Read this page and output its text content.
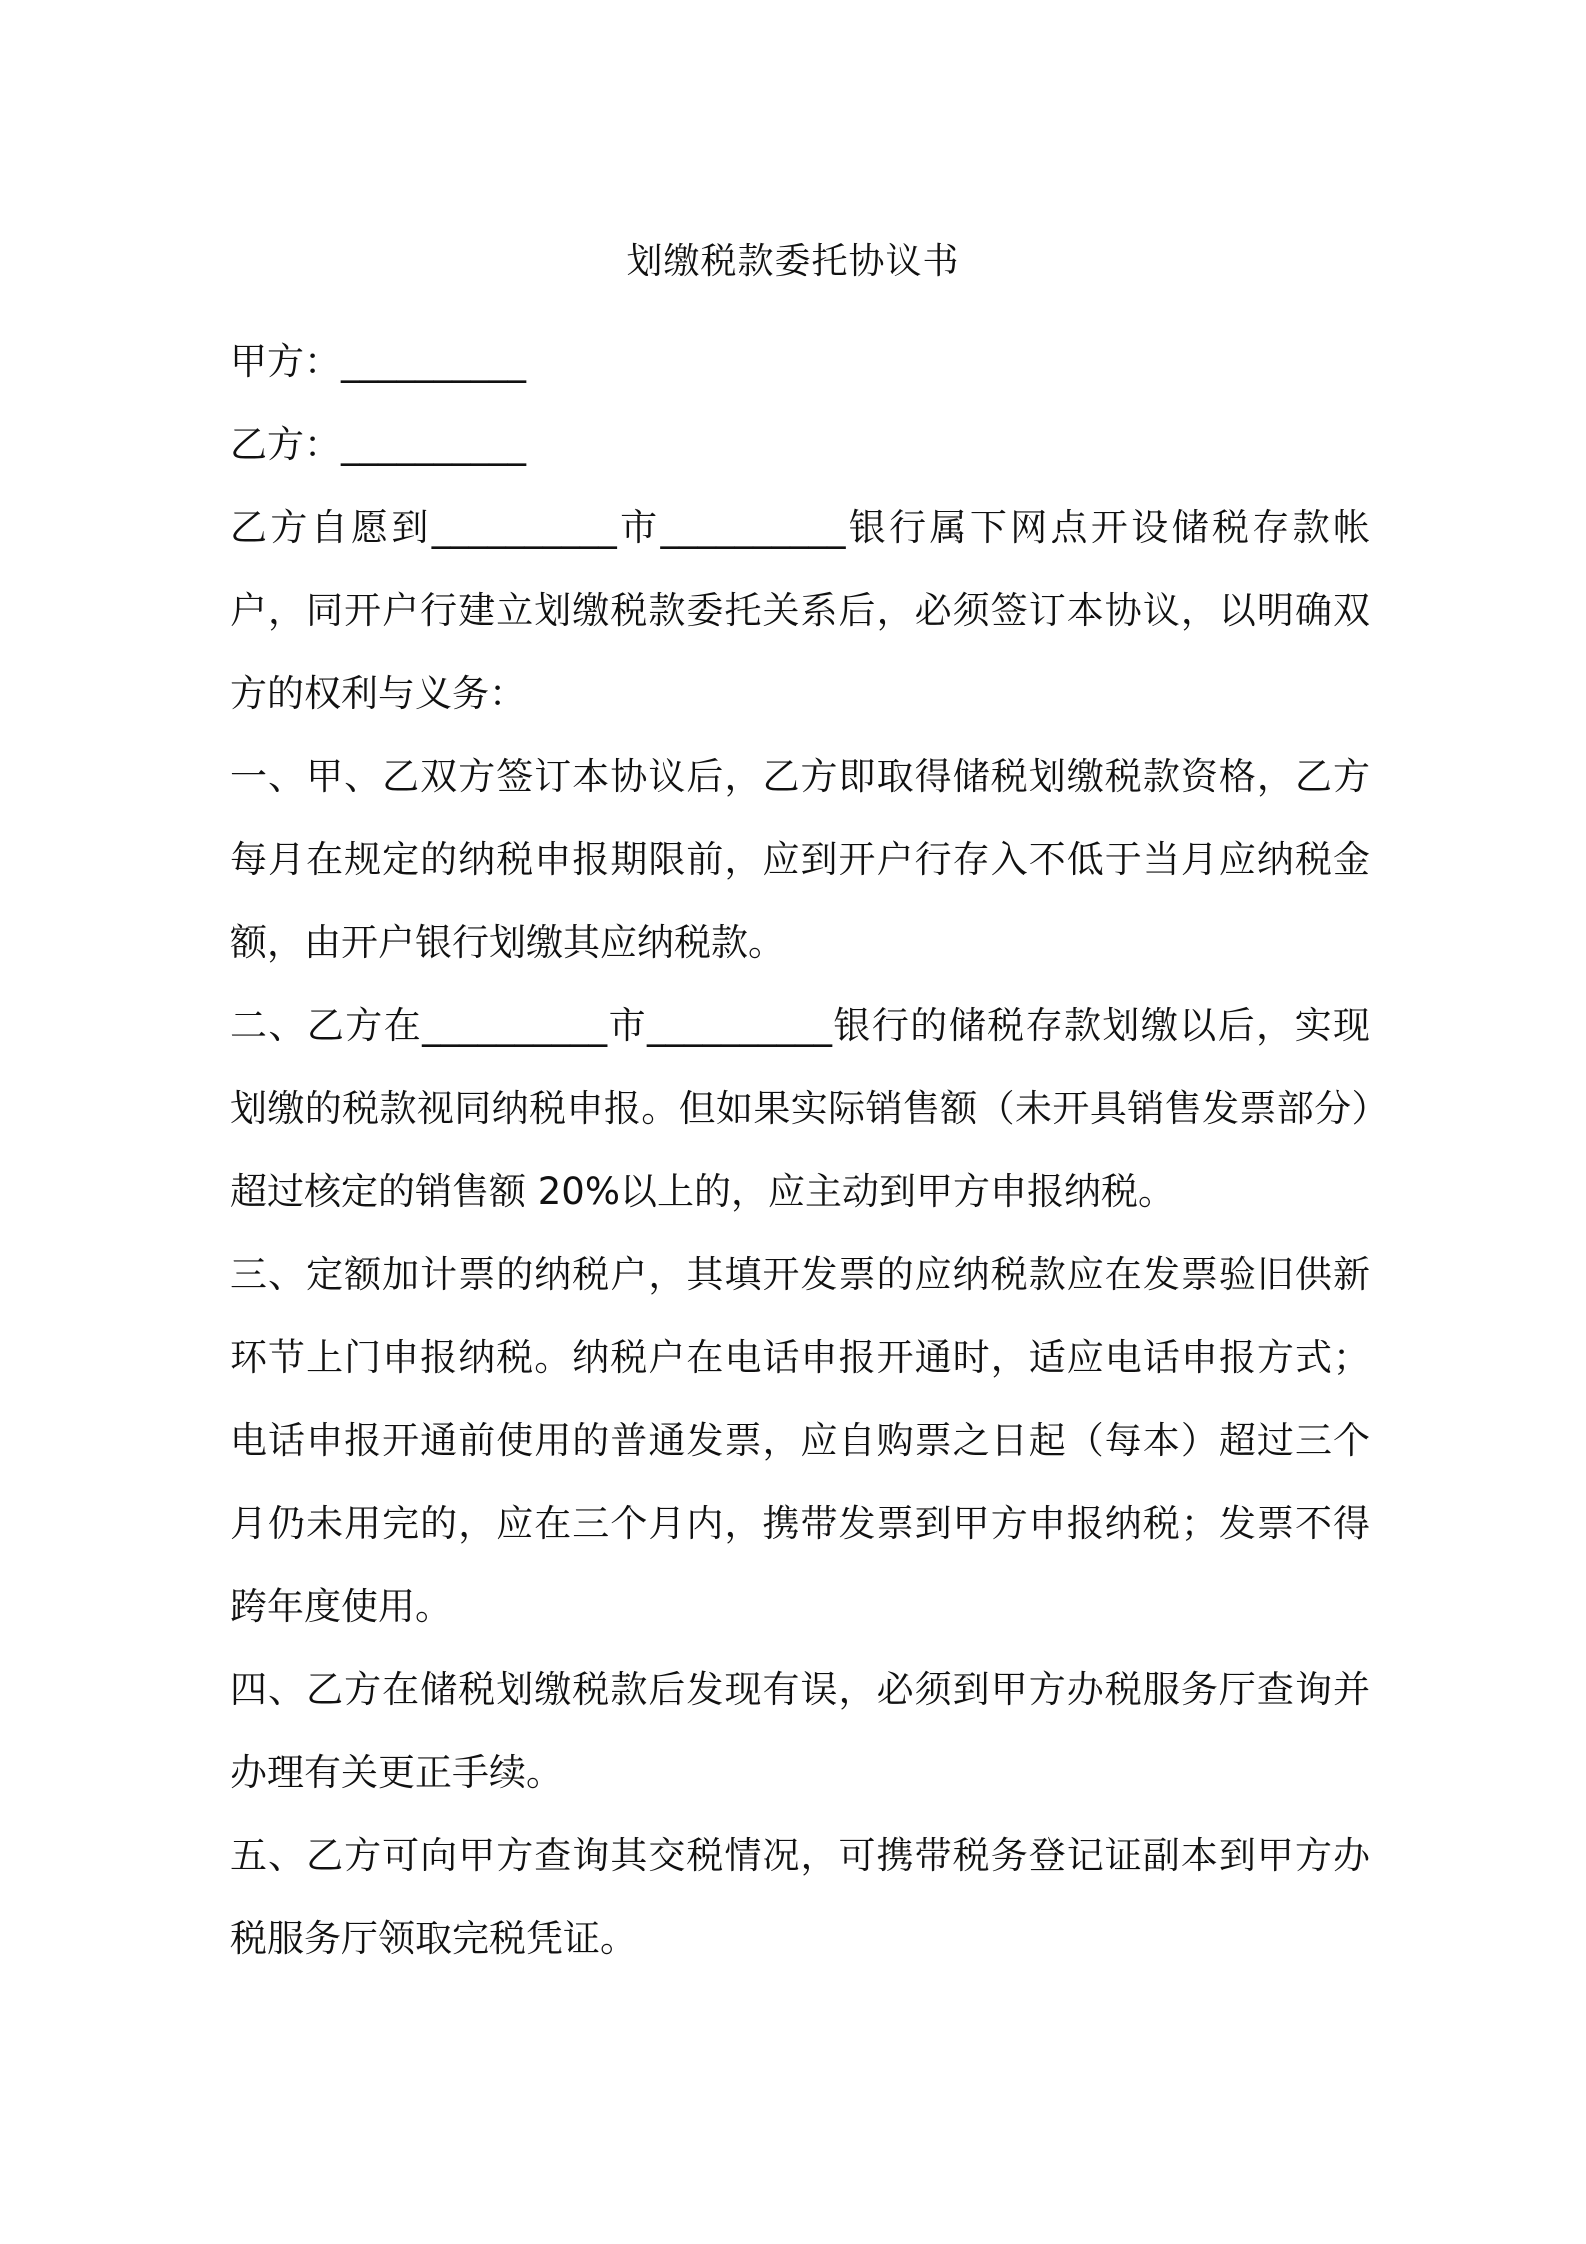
划缴税款委托协议书

甲方：__________

乙方：__________

乙方自愿到__________市__________银行属下网点开设储税存款帐户，同开户行建立划缴税款委托关系后，必须签订本协议，以明确双方的权利与义务：

一、甲、乙双方签订本协议后，乙方即取得储税划缴税款资格，乙方每月在规定的纳税申报期限前，应到开户行存入不低于当月应纳税金额，由开户银行划缴其应纳税款。

二、乙方在__________市__________银行的储税存款划缴以后，实现划缴的税款视同纳税申报。但如果实际销售额（未开具销售发票部分）超过核定的销售额 20%以上的，应主动到甲方申报纳税。

三、定额加计票的纳税户，其填开发票的应纳税款应在发票验旧供新环节上门申报纳税。纳税户在电话申报开通时，适应电话申报方式；电话申报开通前使用的普通发票，应自购票之日起（每本）超过三个月仍未用完的，应在三个月内，携带发票到甲方申报纳税；发票不得跨年度使用。

四、乙方在储税划缴税款后发现有误，必须到甲方办税服务厅查询并办理有关更正手续。

五、乙方可向甲方查询其交税情况，可携带税务登记证副本到甲方办税服务厅领取完税凭证。
